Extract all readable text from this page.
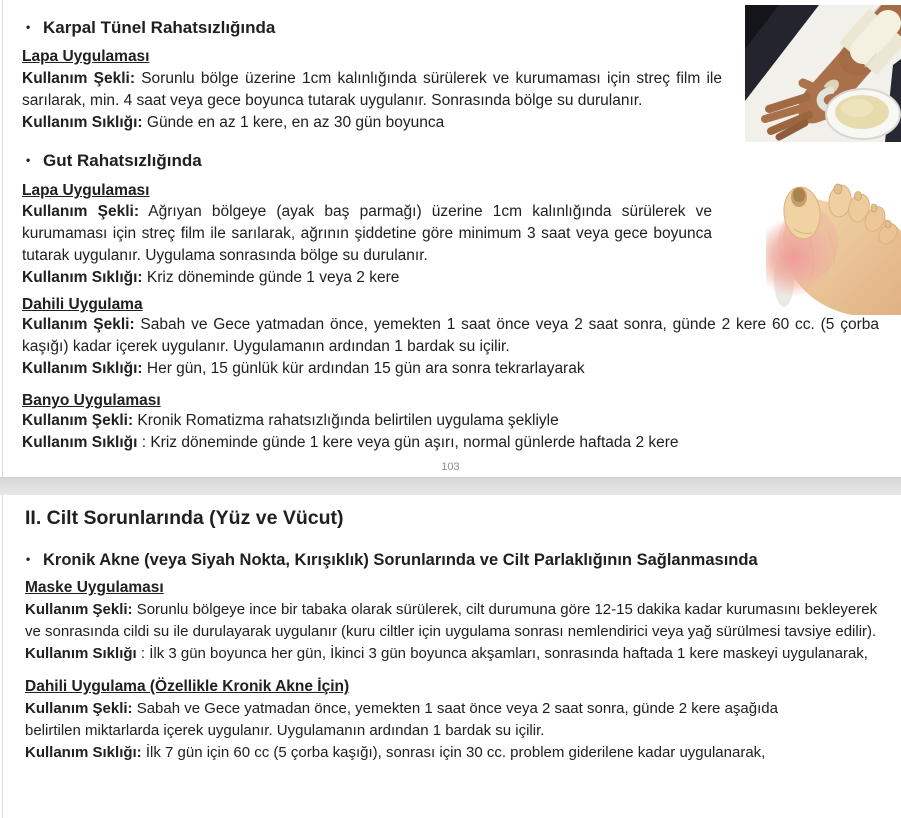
• Karpal Tünel Rahatsızlığında
Lapa Uygulaması

Kullanım Şekli: Sorunlu bölge üzerine 1cm kalınlığında sürülerek ve kurumaması için streç film ile sarılarak, min. 4 saat veya gece boyunca tutarak uygulanır. Sonrasında bölge su durulanır.

Kullanım Sıklığı: Günde en az 1 kere, en az 30 gün boyunca

• Gut Rahatsızlığında
Lapa Uygulaması

Kullanım Şekli: Ağrıyan bölgeye (ayak baş parmağı) üzerine 1cm kalınlığında sürülerek ve kurumaması için streç film ile sarılarak, ağrının şiddetine göre minimum 3 saat veya gece boyunca tutarak uygulanır. Uygulama sonrasında bölge su durulanır.

Kullanım Sıklığı: Kriz döneminde günde 1 veya 2 kere

Dahili Uygulama

Kullanım Şekli: Sabah ve Gece yatmadan önce, yemekten 1 saat önce veya 2 saat sonra, günde 2 kere 60 cc. (5 çorba kaşığı) kadar içerek uygulanır. Uygulamanın ardından 1 bardak su içilir.

Kullanım Sıklığı: Her gün, 15 günlük kür ardından 15 gün ara sonra tekrarlayarak

Banyo Uygulaması

Kullanım Şekli: Kronik Romatizma rahatsızlığında belirtilen uygulama şekliyle

Kullanım Sıklığı : Kriz döneminde günde 1 kere veya gün aşırı, normal günlerde haftada 2 kere

103
II. Cilt Sorunlarında (Yüz ve Vücut)
• Kronik Akne (veya Siyah Nokta, Kırışıklık) Sorunlarında ve Cilt Parlaklığının Sağlanmasında
Maske Uygulaması

Kullanım Şekli: Sorunlu bölgeye ince bir tabaka olarak sürülerek, cilt durumuna göre 12-15 dakika kadar kurumasını bekleyerek ve sonrasında cildi su ile durulayarak uygulanır (kuru ciltler için uygulama sonrası nemlendirici veya yağ sürülmesi tavsiye edilir).

Kullanım Sıklığı : İlk 3 gün boyunca her gün, İkinci 3 gün boyunca akşamları, sonrasında haftada 1 kere maskeyi uygulanarak,

Dahili Uygulama (Özellikle Kronik Akne İçin)

Kullanım Şekli: Sabah ve Gece yatmadan önce, yemekten 1 saat önce veya 2 saat sonra, günde 2 kere aşağıda belirtilen miktarlarda içerek uygulanır. Uygulamanın ardından 1 bardak su içilir.

Kullanım Sıklığı: İlk 7 gün için 60 cc (5 çorba kaşığı), sonrası için 30 cc. problem giderilene kadar uygulanarak,
